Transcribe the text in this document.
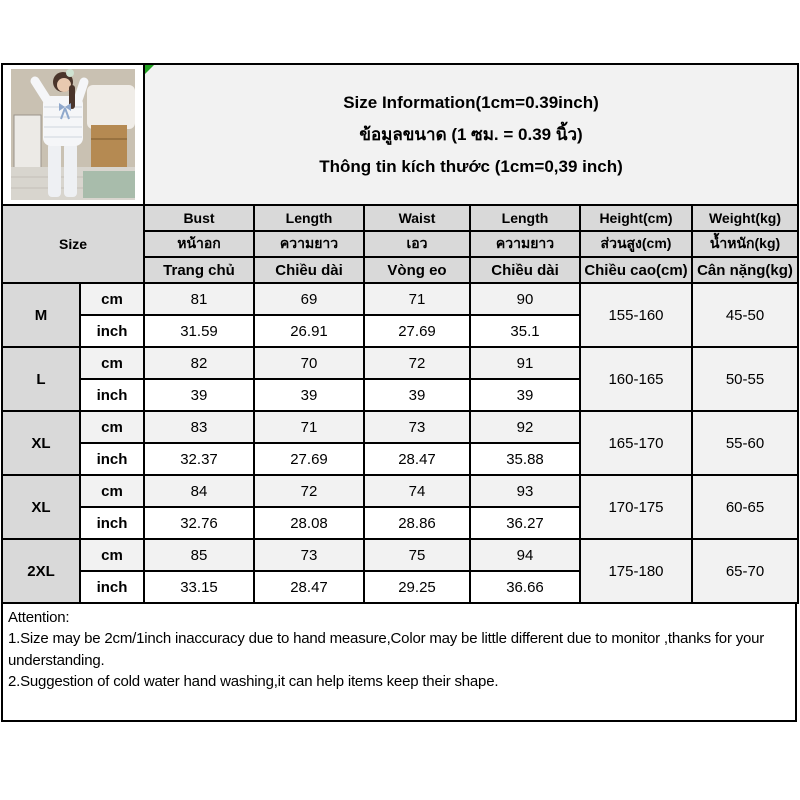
Size Information(1cm=0.39inch)
ข้อมูลขนาด (1 ซม. = 0.39 นิ้ว)
Thông tin kích thước (1cm=0,39 inch)					

Size		Bust	Length	Waist	Length	Height(cm)	Weight(kg)
		หน้าอก	ความยาว	เอว	ความยาว	ส่วนสูง(cm)	น้ำหนัก(kg)
		Trang chủ	Chiều dài	Vòng eo	Chiều dài	Chiều cao(cm)	Cân nặng(kg)
M	cm	81	69	71	90	155-160	45-50
	inch	31.59	26.91	27.69	35.1		
L	cm	82	70	72	91	160-165	50-55
	inch	39	39	39	39		
XL	cm	83	71	73	92	165-170	55-60
	inch	32.37	27.69	28.47	35.88		
XL	cm	84	72	74	93	170-175	60-65
	inch	32.76	28.08	28.86	36.27		
2XL	cm	85	73	75	94	175-180	65-70
	inch	33.15	28.47	29.25	36.66		
Attention:
1.Size may be 2cm/1inch inaccuracy due to hand measure,Color may be little different due to monitor ,thanks for your understanding.
2.Suggestion of cold water hand washing,it can help items keep their shape.
